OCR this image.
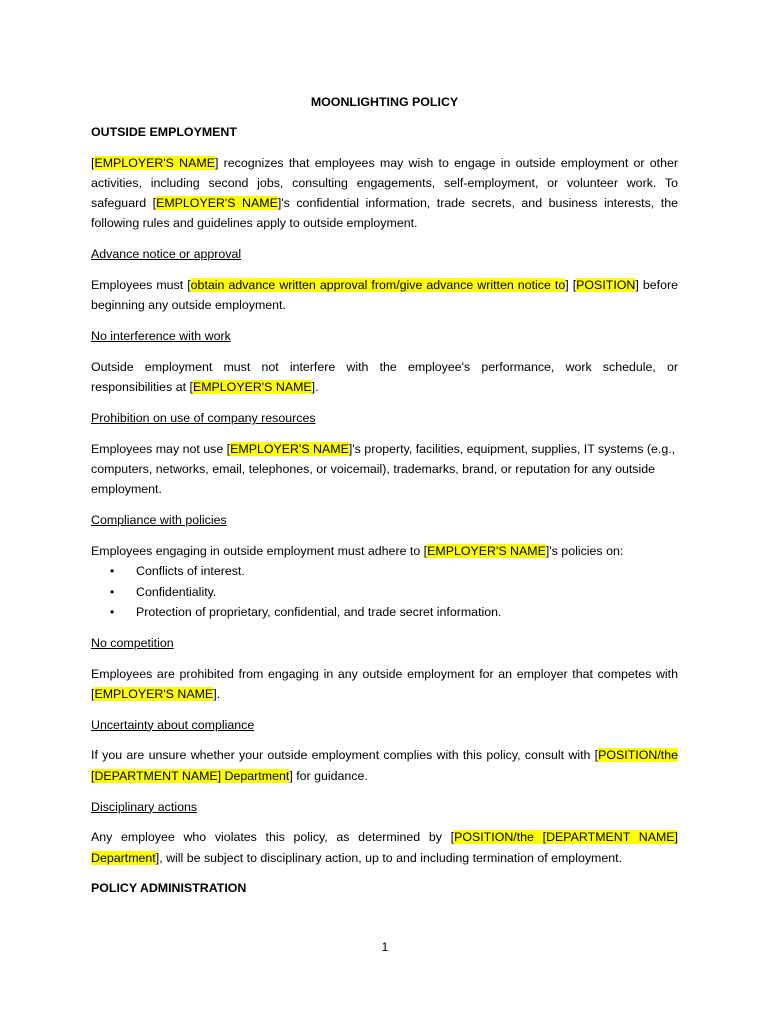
MOONLIGHTING POLICY

OUTSIDE EMPLOYMENT

[EMPLOYER'S NAME] recognizes that employees may wish to engage in outside employment or other activities, including second jobs, consulting engagements, self-employment, or volunteer work. To safeguard [EMPLOYER'S NAME]'s confidential information, trade secrets, and business interests, the following rules and guidelines apply to outside employment.

Advance notice or approval

Employees must [obtain advance written approval from/give advance written notice to] [POSITION] before beginning any outside employment.

No interference with work

Outside employment must not interfere with the employee's performance, work schedule, or responsibilities at [EMPLOYER'S NAME].

Prohibition on use of company resources

Employees may not use [EMPLOYER'S NAME]'s property, facilities, equipment, supplies, IT systems (e.g., computers, networks, email, telephones, or voicemail), trademarks, brand, or reputation for any outside employment.

Compliance with policies

Employees engaging in outside employment must adhere to [EMPLOYER'S NAME]'s policies on:

• Conflicts of interest.
• Confidentiality.
• Protection of proprietary, confidential, and trade secret information.

No competition

Employees are prohibited from engaging in any outside employment for an employer that competes with [EMPLOYER'S NAME].

Uncertainty about compliance

If you are unsure whether your outside employment complies with this policy, consult with [POSITION/the [DEPARTMENT NAME] Department] for guidance.

Disciplinary actions

Any employee who violates this policy, as determined by [POSITION/the [DEPARTMENT NAME] Department], will be subject to disciplinary action, up to and including termination of employment.

POLICY ADMINISTRATION

1
